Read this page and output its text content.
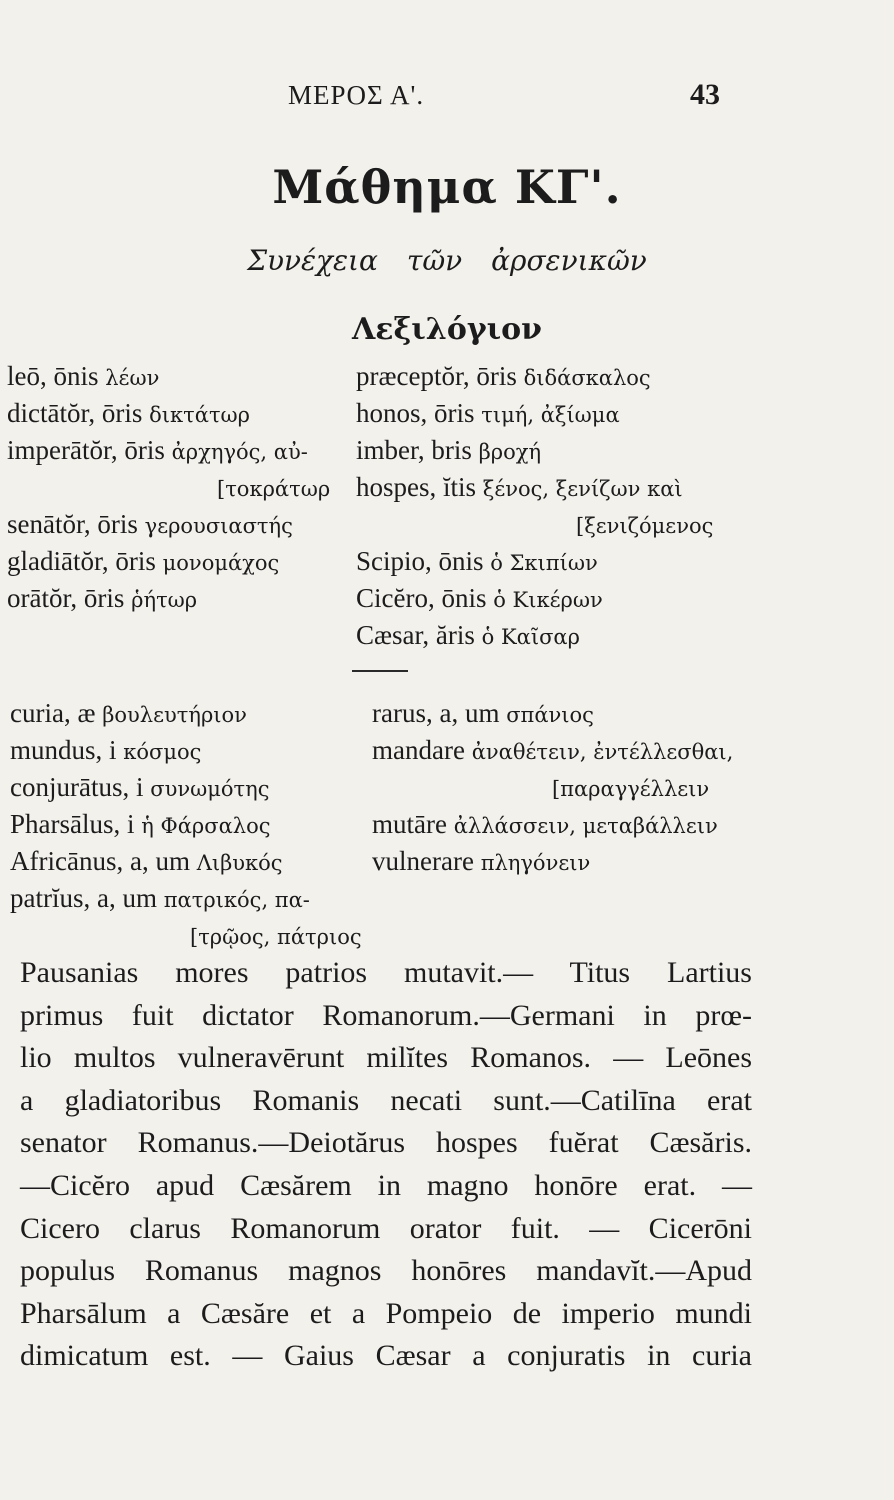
ΜΕΡΟΣ Α'.	43
Μάθημα ΚΓ'.
Συνέχεια τῶν ἀρσενικῶν
Λεξιλόγιον
leō, ōnis λέων
dictātŏr, ōris δικτάτωρ
imperātŏr, ōris ἀρχηγός, αὐ-
[τοκράτωρ
senātŏr, ōris γερουσιαστής
gladiātŏr, ōris μονομάχος
orātŏr, ōris ῥήτωρ
præceptŏr, ōris διδάσκαλος
honos, ōris τιμή, ἀξίωμα
imber, bris βροχή
hospes, ĭtis ξένος, ξενίζων καὶ
[ξενιζόμενος
Scipio, ōnis ὁ Σκιπίων
Cicĕro, ōnis ὁ Κικέρων
Cæsar, ăris ὁ Καῖσαρ
curia, æ βουλευτήριον
mundus, i κόσμος
conjurātus, i συνωμότης
Pharsālus, i ἡ Φάρσαλος
Africānus, a, um Λιβυκός
patrĭus, a, um πατρικός, πα-
[τρῷος, πάτριος
rarus, a, um σπάνιος
mandare ἀναθέτειν, ἐντέλλεσθαι,
[παραγγέλλειν
mutāre ἀλλάσσειν, μεταβάλλειν
vulnerare πληγόνειν
Pausanias mores patrios mutavit.— Titus Lartius
primus fuit dictator Romanorum.—Germani in prœ-
lio multos vulneravērunt milĭtes Romanos. — Leōnes
a gladiatoribus Romanis necati sunt.—Catilīna erat
senator Romanus.—Deiotărus hospes fuĕrat Cæsăris.
—Cicĕro apud Cæsărem in magno honōre erat. —
Cicero clarus Romanorum orator fuit. — Cicerōni
populus Romanus magnos honōres mandavĭt.—Apud
Pharsālum a Cæsăre et a Pompeio de imperio mundi
dimicatum est. — Gaius Cæsar a conjuratis in curia
